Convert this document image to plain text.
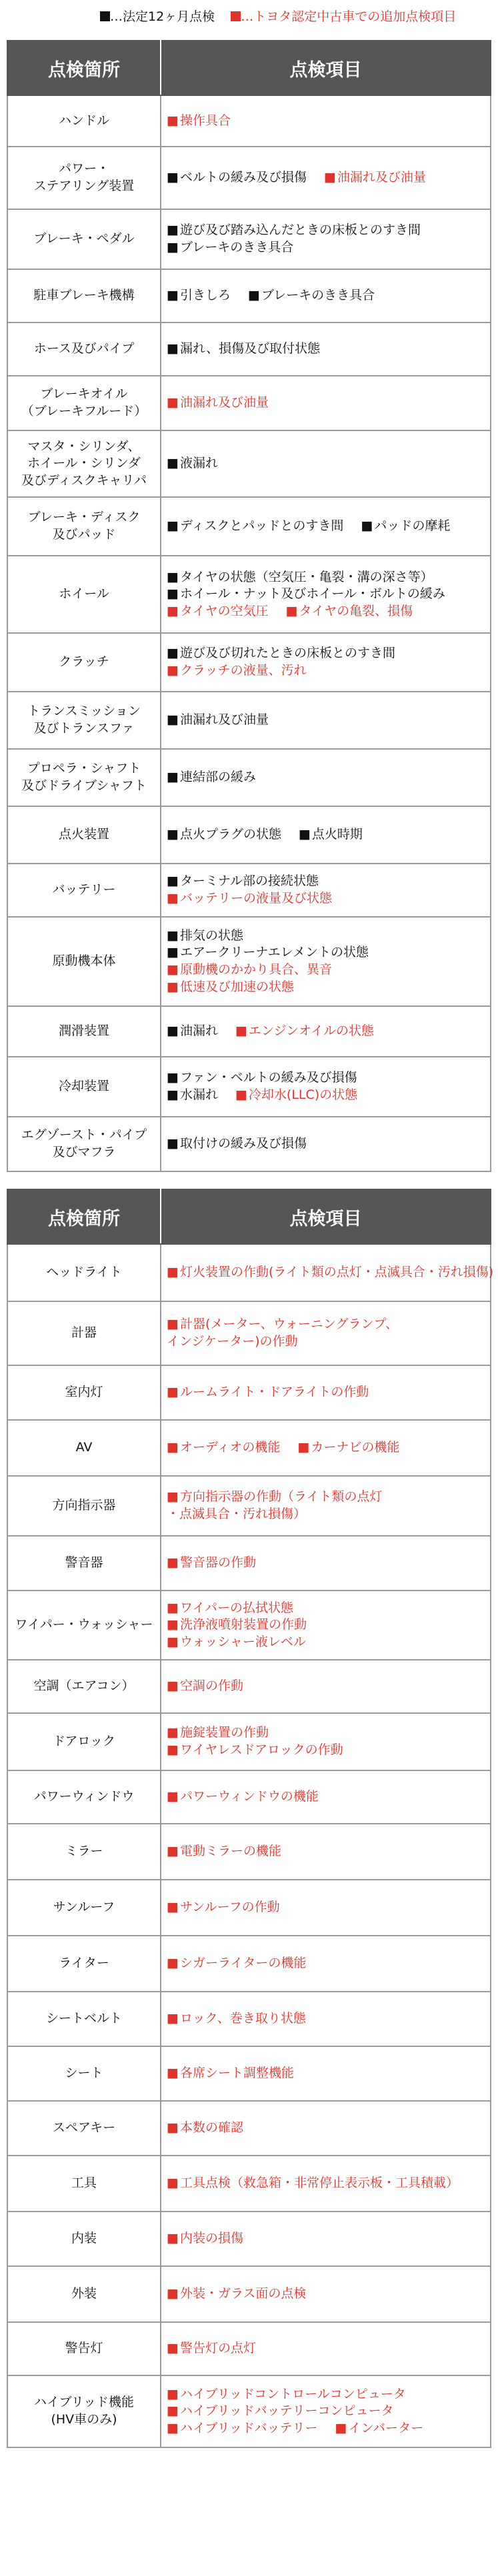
…法定12ヶ月点検 …トヨタ認定中古車での追加点検項目
点検箇所	点検項目

ハンドル	■ 操作具合

パワー・
ステアリング装置	■ ベルトの緩み及び損傷 ■ 油漏れ及び油量

ブレーキ・ペダル	■ 遊び及び踏み込んだときの床板とのすき間
■ ブレーキのきき具合

駐車ブレーキ機構	■ 引きしろ ■ ブレーキのきき具合

ホース及びパイプ	■ 漏れ、損傷及び取付状態

ブレーキオイル
（ブレーキフルード）	■ 油漏れ及び油量

マスタ・シリンダ、
ホイール・シリンダ
及びディスクキャリパ	■ 液漏れ

ブレーキ・ディスク
及びパッド	■ ディスクとパッドとのすき間 ■ パッドの摩耗

ホイール	■ タイヤの状態（空気圧・亀裂・溝の深さ等）
■ ホイール・ナット及びホイール・ボルトの緩み
■ タイヤの空気圧 ■ タイヤの亀裂、損傷

クラッチ	■ 遊び及び切れたときの床板とのすき間
■ クラッチの液量、汚れ

トランスミッション
及びトランスファ	■ 油漏れ及び油量

プロペラ・シャフト
及びドライブシャフト	■ 連結部の緩み

点火装置	■ 点火プラグの状態 ■ 点火時期

バッテリー	■ ターミナル部の接続状態
■ バッテリーの液量及び状態

原動機本体	■ 排気の状態
■ エアークリーナエレメントの状態
■ 原動機のかかり具合、異音
■ 低速及び加速の状態

潤滑装置	■ 油漏れ ■ エンジンオイルの状態

冷却装置	■ ファン・ベルトの緩み及び損傷
■ 水漏れ ■ 冷却水(LLC)の状態

エグゾースト・パイプ
及びマフラ	■ 取付けの緩み及び損傷
点検箇所	点検項目

ヘッドライト	■ 灯火装置の作動(ライト類の点灯・点滅具合・汚れ損傷)

計器	■ 計器(メーター、ウォーニングランプ、
インジケーター)の作動

室内灯	■ ルームライト・ドアライトの作動

AV	■ オーディオの機能 ■ カーナビの機能

方向指示器	■ 方向指示器の作動（ライト類の点灯
・点滅具合・汚れ損傷）

警音器	■ 警音器の作動

ワイパー・ウォッシャー	■ ワイパーの払拭状態
■ 洗浄液噴射装置の作動
■ ウォッシャー液レベル

空調（エアコン）	■ 空調の作動

ドアロック	■ 施錠装置の作動
■ ワイヤレスドアロックの作動

パワーウィンドウ	■ パワーウィンドウの機能

ミラー	■ 電動ミラーの機能

サンルーフ	■ サンルーフの作動

ライター	■ シガーライターの機能

シートベルト	■ ロック、巻き取り状態

シート	■ 各席シート調整機能

スペアキー	■ 本数の確認

工具	■ 工具点検（救急箱・非常停止表示板・工具積載）

内装	■ 内装の損傷

外装	■ 外装・ガラス面の点検

警告灯	■ 警告灯の点灯

ハイブリッド機能
(HV車のみ)	■ ハイブリッドコントロールコンピュータ
■ ハイブリッドバッテリーコンピュータ
■ ハイブリッドバッテリー ■ インバーター
